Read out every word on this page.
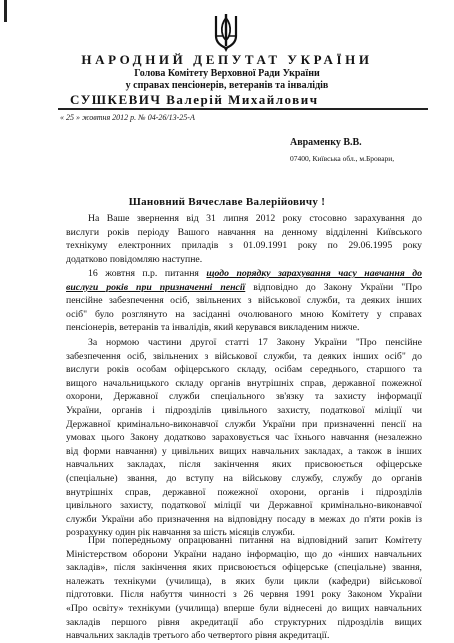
НАРОДНИЙ ДЕПУТАТ УКРАЇНИ
Голова Комітету Верховної Ради України
у справах пенсіонерів, ветеранів та інвалідів
СУШКЕВИЧ Валерій Михайлович
« 25 » жовтня 2012 р. № 04-26/13-25-А
Авраменку В.В.
07400, Київська обл., м.Бровари,
Шановний Вячеславе Валерійовичу !
На Ваше звернення від 31 липня 2012 року стосовно зарахування до
вислуги років періоду Вашого навчання на денному відділенні Київського
технікуму електронних приладів з 01.09.1991 року по 29.06.1995 року
додатково повідомляю наступне.
16 жовтня п.р. питання щодо порядку зарахування часу навчання до
вислуги років при призначенні пенсії відповідно до Закону України "Про
пенсійне забезпечення осіб, звільнених з військової служби, та деяких інших
осіб" було розглянуто на засіданні очолюваного мною Комітету у справах
пенсіонерів, ветеранів та інвалідів, який керувався викладеним нижче.
За нормою частини другої статті 17 Закону України "Про пенсійне
забезпечення осіб, звільнених з військової служби, та деяких інших осіб" до
вислуги років особам офіцерського складу, осібам середнього, старшого та
вищого начальницького складу органів внутрішніх справ, державної пожежної
охорони, Державної служби спеціального зв'язку та захисту інформації
України, органів і підрозділів цивільного захисту, податкової міліції чи
Державної кримінально-виконавчої служби України при призначенні пенсії на
умовах цього Закону додатково зараховується час їхнього навчання (незалежно
від форми навчання) у цивільних вищих навчальних закладах, а також в інших
навчальних закладах, після закінчення яких присвоюється офіцерське
(спеціальне) звання, до вступу на військову службу, службу до органів
внутрішніх справ, державної пожежної охорони, органів і підрозділів
цивільного захисту, податкової міліції чи Державної кримінально-виконавчої
служби України або призначення на відповідну посаду в межах до п'яти років із
розрахунку один рік навчання за шість місяців служби.
При попередньому опрацюванні питання на відповідний запит Комітету
Міністерством оборони України надано інформацію, що до «інших навчальних
закладів», після закінчення яких присвоюється офіцерське (спеціальне) звання,
належать технікуми (училища), в яких були цикли (кафедри) військової
підготовки. Після набуття чинності з 26 червня 1991 року Законом України
«Про освіту» технікуми (училища) вперше були віднесені до вищих навчальних
закладів першого рівня акредитації або структурних підрозділів вищих
навчальних закладів третього або четвертого рівня акредитації.
